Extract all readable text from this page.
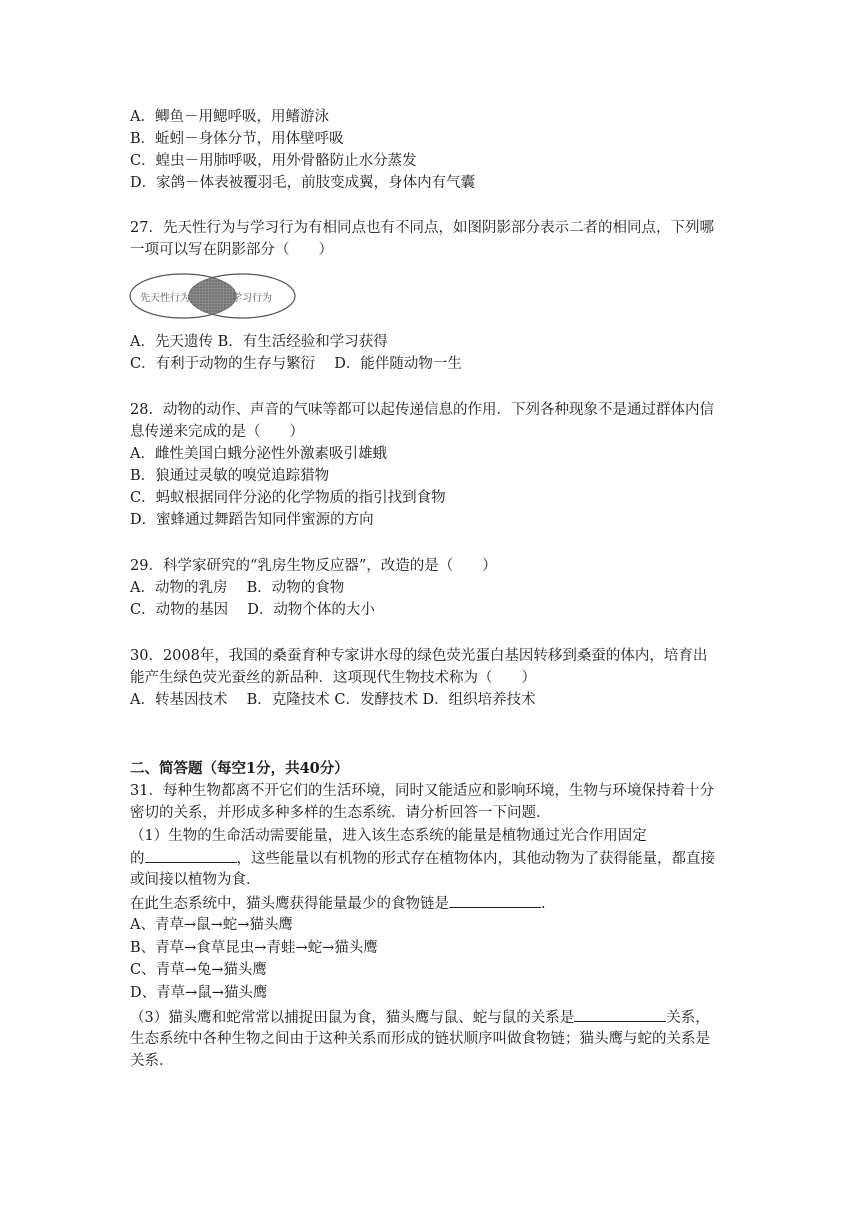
A．鲫鱼－用鳃呼吸，用鳍游泳
B．蚯蚓－身体分节，用体壁呼吸
C．蝗虫－用肺呼吸，用外骨骼防止水分蒸发
D．家鸽－体表被覆羽毛，前肢变成翼，身体内有气囊
27．先天性行为与学习行为有相同点也有不同点，如图阴影部分表示二者的相同点，下列哪
一项可以写在阴影部分（　　）
先天性行为	学习行为
A．先天遗传 B．有生活经验和学习获得
C．有利于动物的生存与繁衍　 D．能伴随动物一生
28．动物的动作、声音的气味等都可以起传递信息的作用．下列各种现象不是通过群体内信
息传递来完成的是（　　）
A．雌性美国白蛾分泌性外激素吸引雄蛾
B．狼通过灵敏的嗅觉追踪猎物
C．蚂蚁根据同伴分泌的化学物质的指引找到食物
D．蜜蜂通过舞蹈告知同伴蜜源的方向
29．科学家研究的“乳房生物反应器”，改造的是（　　）
A．动物的乳房　 B．动物的食物
C．动物的基因　 D．动物个体的大小
30．2008年，我国的桑蚕育种专家讲水母的绿色荧光蛋白基因转移到桑蚕的体内，培育出
能产生绿色荧光蚕丝的新品种．这项现代生物技术称为（　　）
A．转基因技术　 B．克隆技术 C．发酵技术 D．组织培养技术
二、简答题（每空1分，共40分）
31．每种生物都离不开它们的生活环境，同时又能适应和影响环境，生物与环境保持着十分
密切的关系，并形成多种多样的生态系统．请分析回答一下问题．
（1）生物的生命活动需要能量，进入该生态系统的能量是植物通过光合作用固定
的	，这些能量以有机物的形式存在植物体内，其他动物为了获得能量，都直接
或间接以植物为食．
在此生态系统中，猫头鹰获得能量最少的食物链是	.
A、青草→鼠→蛇→猫头鹰
B、青草→食草昆虫→青蛙→蛇→猫头鹰
C、青草→兔→猫头鹰
D、青草→鼠→猫头鹰
（3）猫头鹰和蛇常常以捕捉田鼠为食，猫头鹰与鼠、蛇与鼠的关系是	关系，
生态系统中各种生物之间由于这种关系而形成的链状顺序叫做食物链；猫头鹰与蛇的关系是
关系．
